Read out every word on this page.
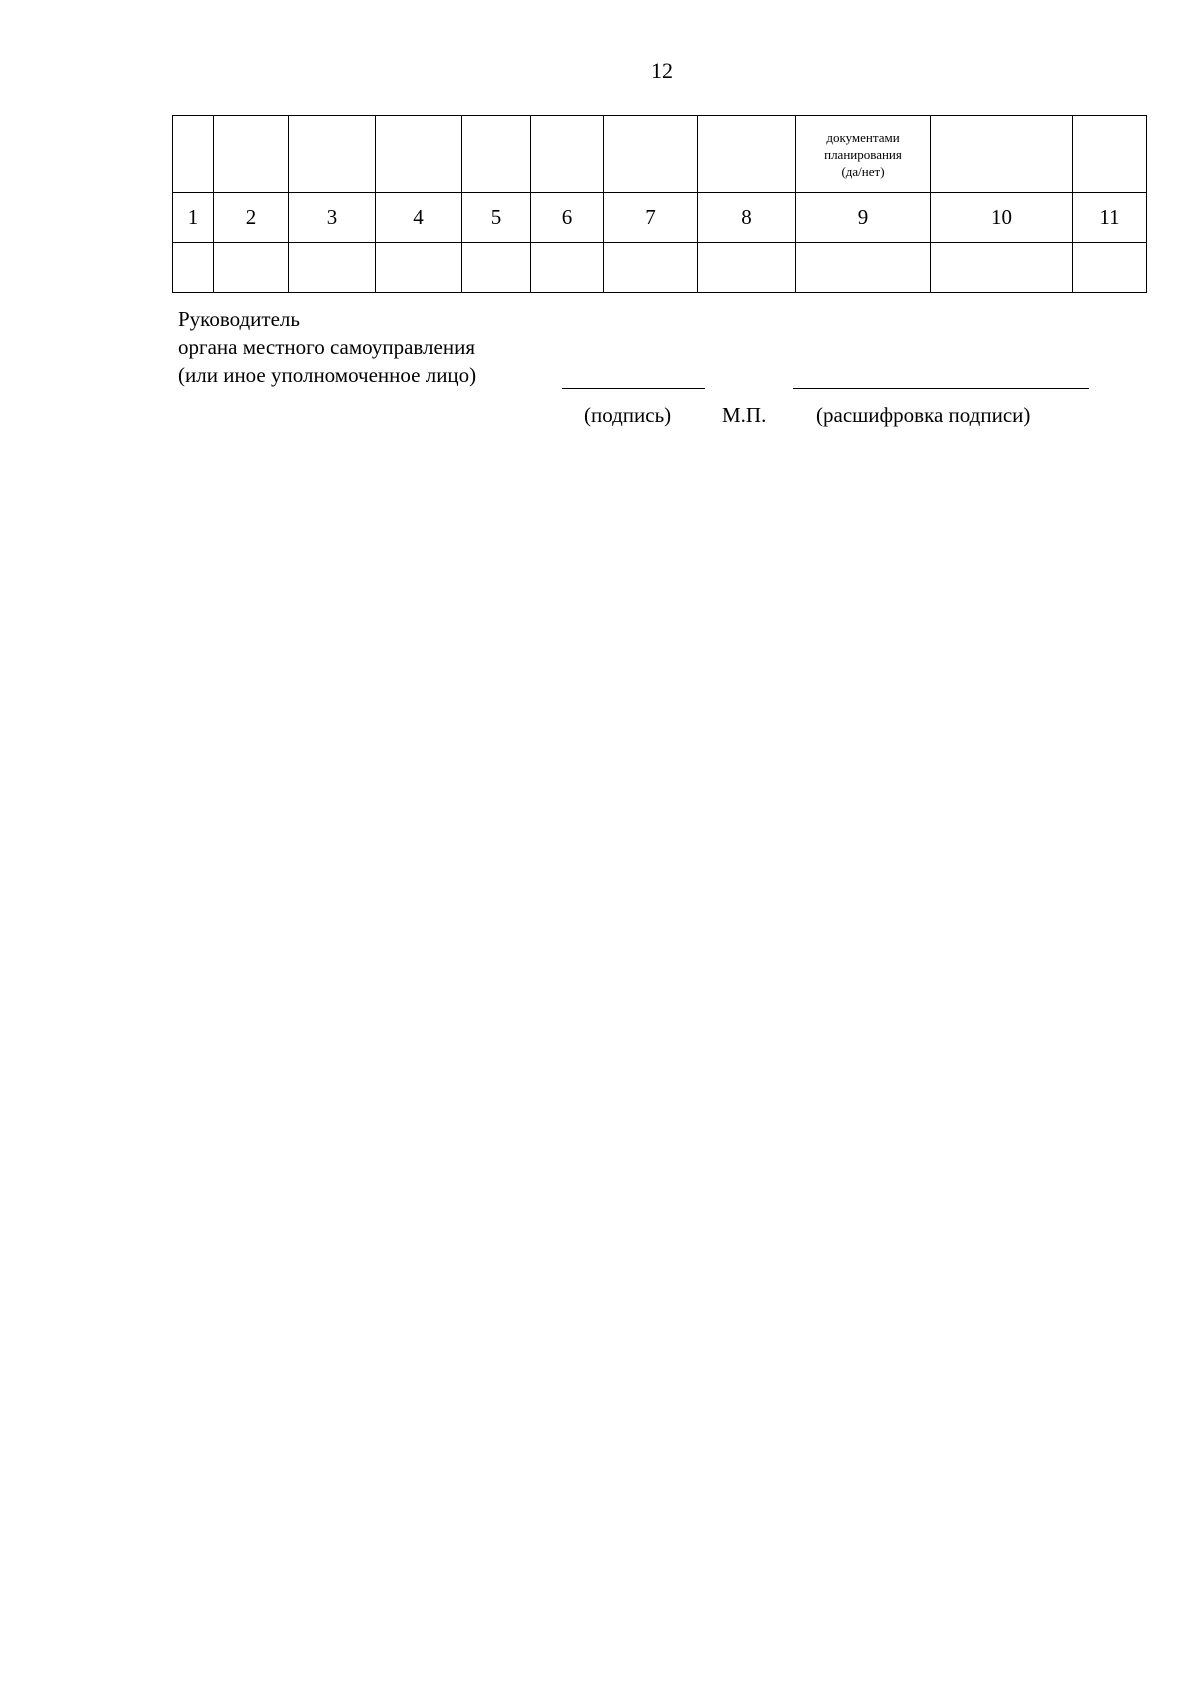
12

								документами
планирования
(да/нет)		

1	2	3	4	5	6	7	8	9	10	11

Руководитель
органа местного самоуправления
(или иное уполномоченное лицо)
(подпись) М.П. (расшифровка подписи)
